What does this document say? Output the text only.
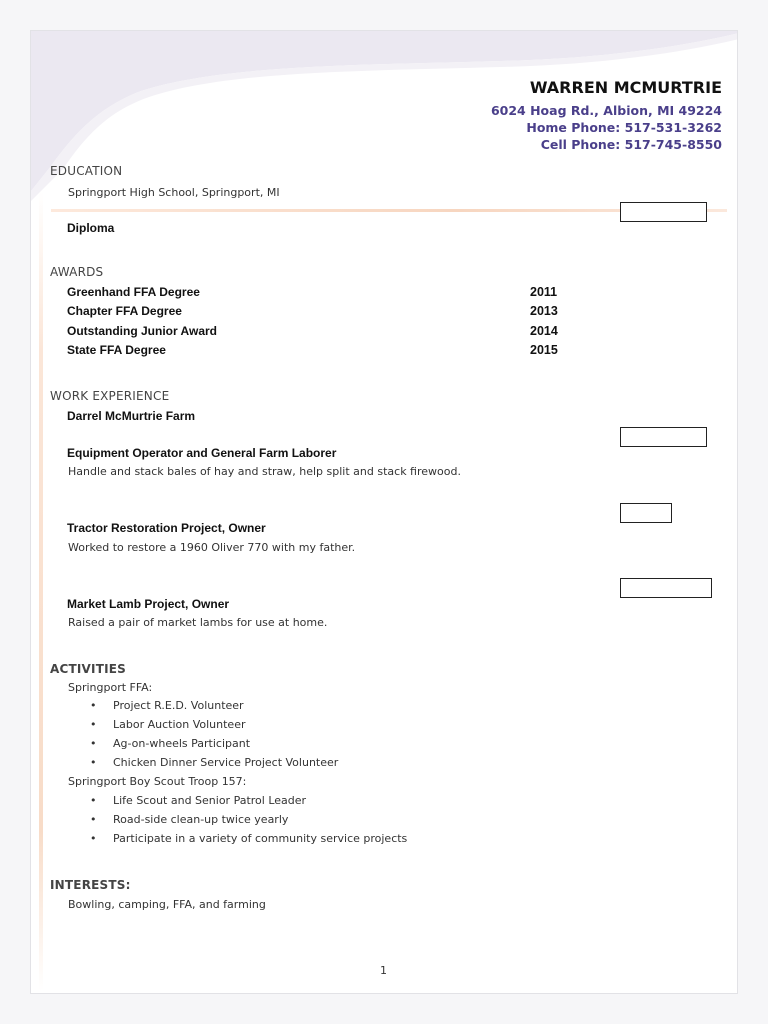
WARREN MCMURTRIE
6024 Hoag Rd., Albion, MI 49224
Home Phone: 517-531-3262
Cell Phone: 517-745-8550
EDUCATION
Springport High School, Springport, MI
Diploma
AWARDS
Greenhand FFA Degree	2011
Chapter FFA Degree	2013
Outstanding Junior Award	2014
State FFA Degree	2015
WORK EXPERIENCE
Darrel McMurtrie Farm
Equipment Operator and General Farm Laborer
Handle and stack bales of hay and straw, help split and stack firewood.
Tractor Restoration Project, Owner
Worked to restore a 1960 Oliver 770 with my father.
Market Lamb Project, Owner
Raised a pair of market lambs for use at home.
ACTIVITIES
Springport FFA:
• Project R.E.D. Volunteer
• Labor Auction Volunteer
• Ag-on-wheels Participant
• Chicken Dinner Service Project Volunteer
Springport Boy Scout Troop 157:
• Life Scout and Senior Patrol Leader
• Road-side clean-up twice yearly
• Participate in a variety of community service projects
INTERESTS:
Bowling, camping, FFA, and farming
1
